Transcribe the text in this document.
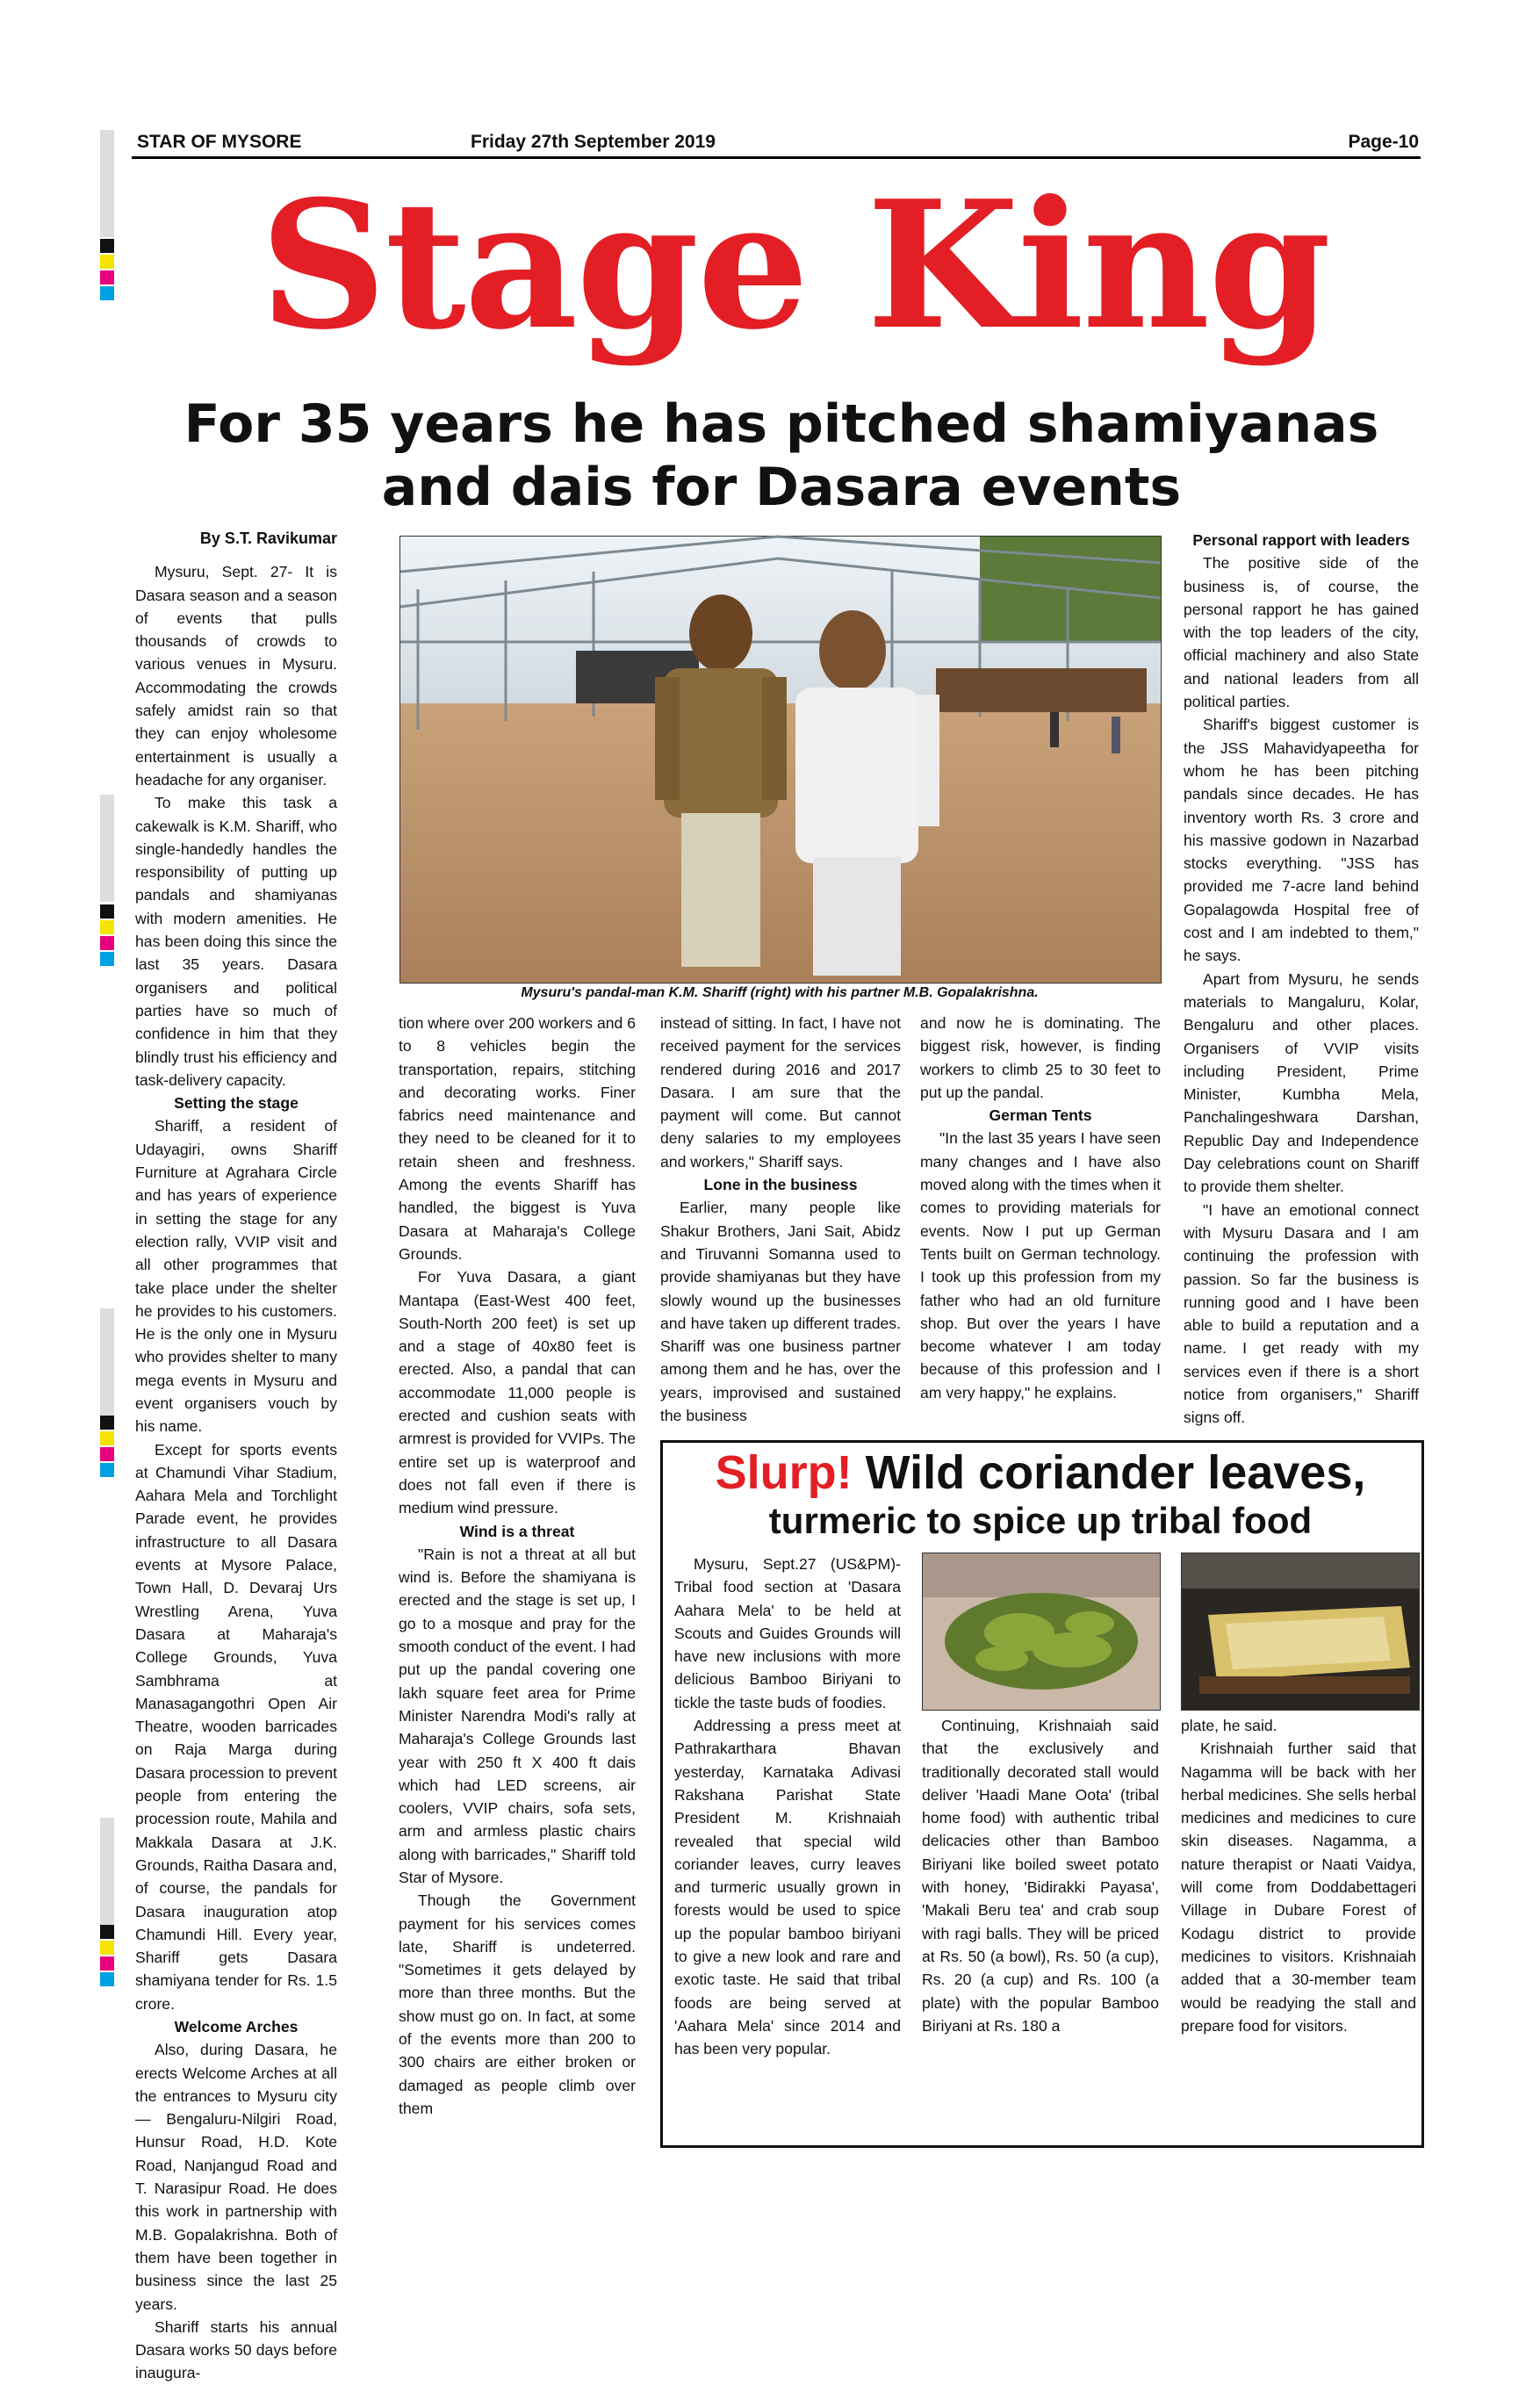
STAR OF MYSORE	Friday 27th September 2019	Page-10
Stage King
For 35 years he has pitched shamiyanas
and dais for Dasara events
By S.T. Ravikumar

Mysuru, Sept. 27- It is Dasara season and a season of events that pulls thousands of crowds to various venues in Mysuru. Accommodating the crowds safely amidst rain so that they can enjoy wholesome entertainment is usually a headache for any organiser.

To make this task a cakewalk is K.M. Shariff, who single-handedly handles the responsibility of putting up pandals and shamiyanas with modern amenities. He has been doing this since the last 35 years. Dasara organisers and political parties have so much of confidence in him that they blindly trust his efficiency and task-delivery capacity.

Setting the stage

Shariff, a resident of Udayagiri, owns Shariff Furniture at Agrahara Circle and has years of experience in setting the stage for any election rally, VVIP visit and all other programmes that take place under the shelter he provides to his customers. He is the only one in Mysuru who provides shelter to many mega events in Mysuru and event organisers vouch by his name.

Except for sports events at Chamundi Vihar Stadium, Aahara Mela and Torchlight Parade event, he provides infrastructure to all Dasara events at Mysore Palace, Town Hall, D. Devaraj Urs Wrestling Arena, Yuva Dasara at Maharaja's College Grounds, Yuva Sambhrama at Manasagangothri Open Air Theatre, wooden barricades on Raja Marga during Dasara procession to prevent people from entering the procession route, Mahila and Makkala Dasara at J.K. Grounds, Raitha Dasara and, of course, the pandals for Dasara inauguration atop Chamundi Hill. Every year, Shariff gets Dasara shamiyana tender for Rs. 1.5 crore.

Welcome Arches

Also, during Dasara, he erects Welcome Arches at all the entrances to Mysuru city — Bengaluru-Nilgiri Road, Hunsur Road, H.D. Kote Road, Nanjangud Road and T. Narasipur Road. He does this work in partnership with M.B. Gopalakrishna. Both of them have been together in business since the last 25 years.

Shariff starts his annual Dasara works 50 days before inaugura-

Mysuru's pandal-man K.M. Shariff (right) with his partner M.B. Gopalakrishna.

tion where over 200 workers and 6 to 8 vehicles begin the transportation, repairs, stitching and decorating works. Finer fabrics need maintenance and they need to be cleaned for it to retain sheen and freshness. Among the events Shariff has handled, the biggest is Yuva Dasara at Maharaja's College Grounds.

For Yuva Dasara, a giant Mantapa (East-West 400 feet, South-North 200 feet) is set up and a stage of 40x80 feet is erected. Also, a pandal that can accommodate 11,000 people is erected and cushion seats with armrest is provided for VVIPs. The entire set up is waterproof and does not fall even if there is medium wind pressure.

Wind is a threat

"Rain is not a threat at all but wind is. Before the shamiyana is erected and the stage is set up, I go to a mosque and pray for the smooth conduct of the event. I had put up the pandal covering one lakh square feet area for Prime Minister Narendra Modi's rally at Maharaja's College Grounds last year with 250 ft X 400 ft dais which had LED screens, air coolers, VVIP chairs, sofa sets, arm and armless plastic chairs along with barricades," Shariff told Star of Mysore.

Though the Government payment for his services comes late, Shariff is undeterred. "Sometimes it gets delayed by more than three months. But the show must go on. In fact, at some of the events more than 200 to 300 chairs are either broken or damaged as people climb over them

instead of sitting. In fact, I have not received payment for the services rendered during 2016 and 2017 Dasara. I am sure that the payment will come. But cannot deny salaries to my employees and workers," Shariff says.

Lone in the business

Earlier, many people like Shakur Brothers, Jani Sait, Abidz and Tiruvanni Somanna used to provide shamiyanas but they have slowly wound up the businesses and have taken up different trades. Shariff was one business partner among them and he has, over the years, improvised and sustained the business

and now he is dominating. The biggest risk, however, is finding workers to climb 25 to 30 feet to put up the pandal.

German Tents

"In the last 35 years I have seen many changes and I have also moved along with the times when it comes to providing materials for events. Now I put up German Tents built on German technology. I took up this profession from my father who had an old furniture shop. But over the years I have become whatever I am today because of this profession and I am very happy," he explains.

Personal rapport with leaders

The positive side of the business is, of course, the personal rapport he has gained with the top leaders of the city, official machinery and also State and national leaders from all political parties.

Shariff's biggest customer is the JSS Mahavidyapeetha for whom he has been pitching pandals since decades. He has inventory worth Rs. 3 crore and his massive godown in Nazarbad stocks everything. "JSS has provided me 7-acre land behind Gopalagowda Hospital free of cost and I am indebted to them," he says.

Apart from Mysuru, he sends materials to Mangaluru, Kolar, Bengaluru and other places. Organisers of VVIP visits including President, Prime Minister, Kumbha Mela, Panchalingeshwara Darshan, Republic Day and Independence Day celebrations count on Shariff to provide them shelter.

"I have an emotional connect with Mysuru Dasara and I am continuing the profession with passion. So far the business is running good and I have been able to build a reputation and a name. I get ready with my services even if there is a short notice from organisers," Shariff signs off.

Slurp! Wild coriander leaves,
turmeric to spice up tribal food

Mysuru, Sept.27 (US&PM)- Tribal food section at 'Dasara Aahara Mela' to be held at Scouts and Guides Grounds will have new inclusions with more delicious Bamboo Biriyani to tickle the taste buds of foodies.

Addressing a press meet at Pathrakarthara Bhavan yesterday, Karnataka Adivasi Rakshana Parishat State President M. Krishnaiah revealed that special wild coriander leaves, curry leaves and turmeric usually grown in forests would be used to spice up the popular bamboo biriyani to give a new look and rare and exotic taste. He said that tribal foods are being served at 'Aahara Mela' since 2014 and has been very popular.

Continuing, Krishnaiah said that the exclusively and traditionally decorated stall would deliver 'Haadi Mane Oota' (tribal home food) with authentic tribal delicacies other than Bamboo Biriyani like boiled sweet potato with honey, 'Bidirakki Payasa', 'Makali Beru tea' and crab soup with ragi balls. They will be priced at Rs. 50 (a bowl), Rs. 50 (a cup), Rs. 20 (a cup) and Rs. 100 (a plate) with the popular Bamboo Biriyani at Rs. 180 a

plate, he said.

Krishnaiah further said that Nagamma will be back with her herbal medicines. She sells herbal medicines and medicines to cure skin diseases. Nagamma, a nature therapist or Naati Vaidya, will come from Doddabettageri Village in Dubare Forest of Kodagu district to provide medicines to visitors. Krishnaiah added that a 30-member team would be readying the stall and prepare food for visitors.
